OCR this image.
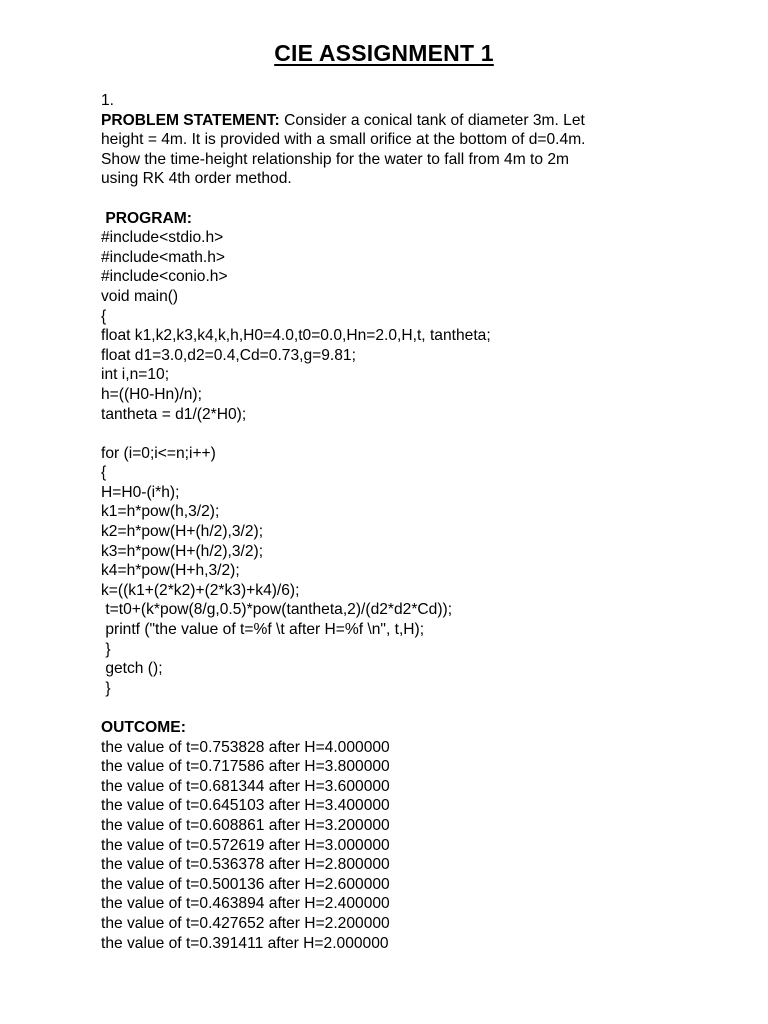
CIE ASSIGNMENT 1
1.
PROBLEM STATEMENT: Consider a conical tank of diameter 3m. Let
height = 4m. It is provided with a small orifice at the bottom of d=0.4m.
Show the time-height relationship for the water to fall from 4m to 2m
using RK 4th order method.
PROGRAM:
#include<stdio.h>
#include<math.h>
#include<conio.h>
void main()
{
float k1,k2,k3,k4,k,h,H0=4.0,t0=0.0,Hn=2.0,H,t, tantheta;
float d1=3.0,d2=0.4,Cd=0.73,g=9.81;
int i,n=10;
h=((H0-Hn)/n);
tantheta = d1/(2*H0);
for (i=0;i<=n;i++)
{
H=H0-(i*h);
k1=h*pow(h,3/2);
k2=h*pow(H+(h/2),3/2);
k3=h*pow(H+(h/2),3/2);
k4=h*pow(H+h,3/2);
k=((k1+(2*k2)+(2*k3)+k4)/6);
t=t0+(k*pow(8/g,0.5)*pow(tantheta,2)/(d2*d2*Cd));
printf ("the value of t=%f \t after H=%f \n", t,H);
}
getch ();
}
OUTCOME:
the value of t=0.753828 after H=4.000000
the value of t=0.717586 after H=3.800000
the value of t=0.681344 after H=3.600000
the value of t=0.645103 after H=3.400000
the value of t=0.608861 after H=3.200000
the value of t=0.572619 after H=3.000000
the value of t=0.536378 after H=2.800000
the value of t=0.500136 after H=2.600000
the value of t=0.463894 after H=2.400000
the value of t=0.427652 after H=2.200000
the value of t=0.391411 after H=2.000000
